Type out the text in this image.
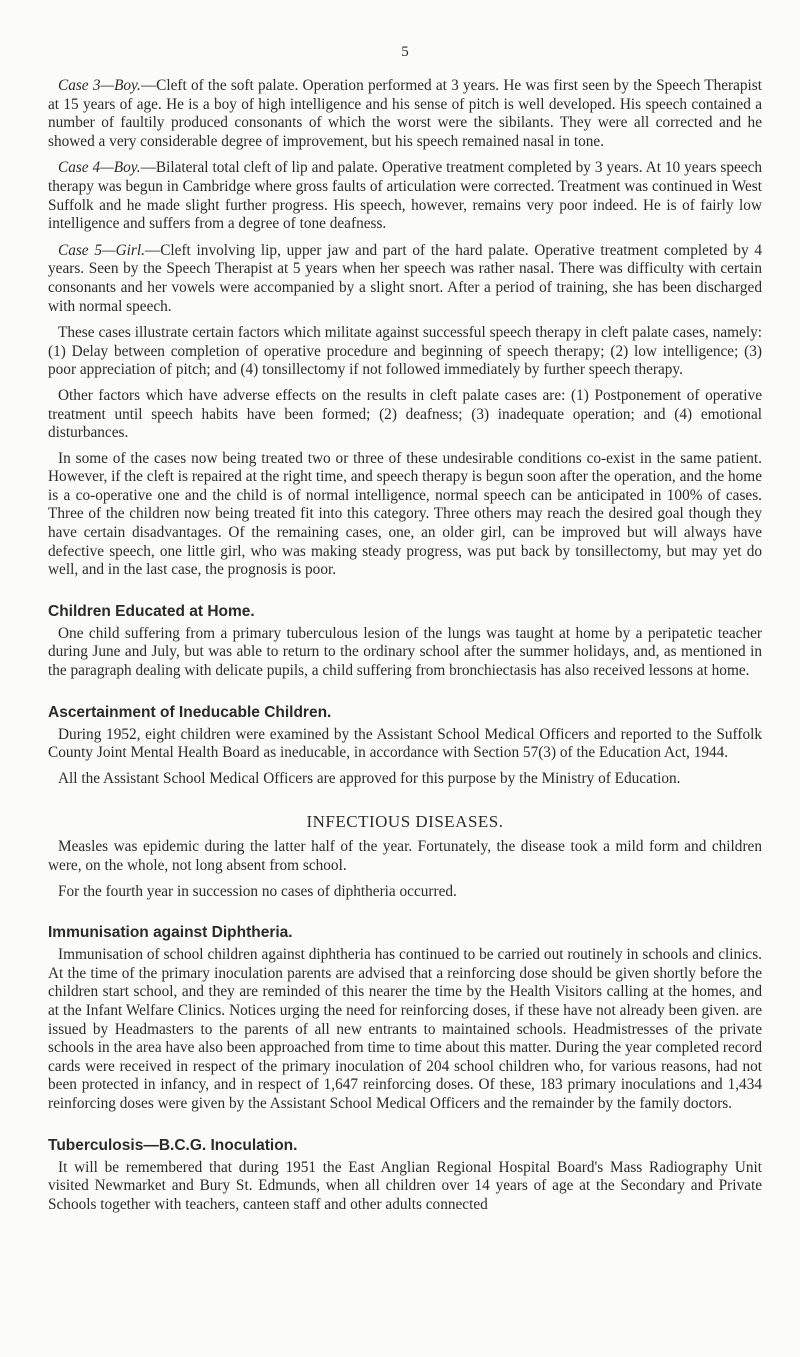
5

Case 3—Boy.—Cleft of the soft palate. Operation performed at 3 years. He was first seen by the Speech Therapist at 15 years of age. He is a boy of high intelligence and his sense of pitch is well developed. His speech contained a number of faultily produced consonants of which the worst were the sibilants. They were all corrected and he showed a very considerable degree of improvement, but his speech remained nasal in tone.

Case 4—Boy.—Bilateral total cleft of lip and palate. Operative treatment completed by 3 years. At 10 years speech therapy was begun in Cambridge where gross faults of articulation were corrected. Treatment was continued in West Suffolk and he made slight further progress. His speech, however, remains very poor indeed. He is of fairly low intelligence and suffers from a degree of tone deafness.

Case 5—Girl.—Cleft involving lip, upper jaw and part of the hard palate. Operative treatment completed by 4 years. Seen by the Speech Therapist at 5 years when her speech was rather nasal. There was difficulty with certain consonants and her vowels were accompanied by a slight snort. After a period of training, she has been discharged with normal speech.

These cases illustrate certain factors which militate against successful speech therapy in cleft palate cases, namely: (1) Delay between completion of operative procedure and beginning of speech therapy; (2) low intelligence; (3) poor appreciation of pitch; and (4) tonsillectomy if not followed immediately by further speech therapy.

Other factors which have adverse effects on the results in cleft palate cases are: (1) Postponement of operative treatment until speech habits have been formed; (2) deafness; (3) inadequate operation; and (4) emotional disturbances.

In some of the cases now being treated two or three of these undesirable conditions co-exist in the same patient. However, if the cleft is repaired at the right time, and speech therapy is begun soon after the operation, and the home is a co-operative one and the child is of normal intelligence, normal speech can be anticipated in 100% of cases. Three of the children now being treated fit into this category. Three others may reach the desired goal though they have certain disadvantages. Of the remaining cases, one, an older girl, can be improved but will always have defective speech, one little girl, who was making steady progress, was put back by tonsillectomy, but may yet do well, and in the last case, the prognosis is poor.

Children Educated at Home.

One child suffering from a primary tuberculous lesion of the lungs was taught at home by a peripatetic teacher during June and July, but was able to return to the ordinary school after the summer holidays, and, as mentioned in the paragraph dealing with delicate pupils, a child suffering from bronchiectasis has also received lessons at home.

Ascertainment of Ineducable Children.

During 1952, eight children were examined by the Assistant School Medical Officers and reported to the Suffolk County Joint Mental Health Board as ineducable, in accordance with Section 57(3) of the Education Act, 1944.

All the Assistant School Medical Officers are approved for this purpose by the Ministry of Education.

INFECTIOUS DISEASES.

Measles was epidemic during the latter half of the year. Fortunately, the disease took a mild form and children were, on the whole, not long absent from school.

For the fourth year in succession no cases of diphtheria occurred.

Immunisation against Diphtheria.

Immunisation of school children against diphtheria has continued to be carried out routinely in schools and clinics. At the time of the primary inoculation parents are advised that a reinforcing dose should be given shortly before the children start school, and they are reminded of this nearer the time by the Health Visitors calling at the homes, and at the Infant Welfare Clinics. Notices urging the need for reinforcing doses, if these have not already been given. are issued by Headmasters to the parents of all new entrants to maintained schools. Headmistresses of the private schools in the area have also been approached from time to time about this matter. During the year completed record cards were received in respect of the primary inoculation of 204 school children who, for various reasons, had not been protected in infancy, and in respect of 1,647 reinforcing doses. Of these, 183 primary inoculations and 1,434 reinforcing doses were given by the Assistant School Medical Officers and the remainder by the family doctors.

Tuberculosis—B.C.G. Inoculation.

It will be remembered that during 1951 the East Anglian Regional Hospital Board's Mass Radiography Unit visited Newmarket and Bury St. Edmunds, when all children over 14 years of age at the Secondary and Private Schools together with teachers, canteen staff and other adults connected
